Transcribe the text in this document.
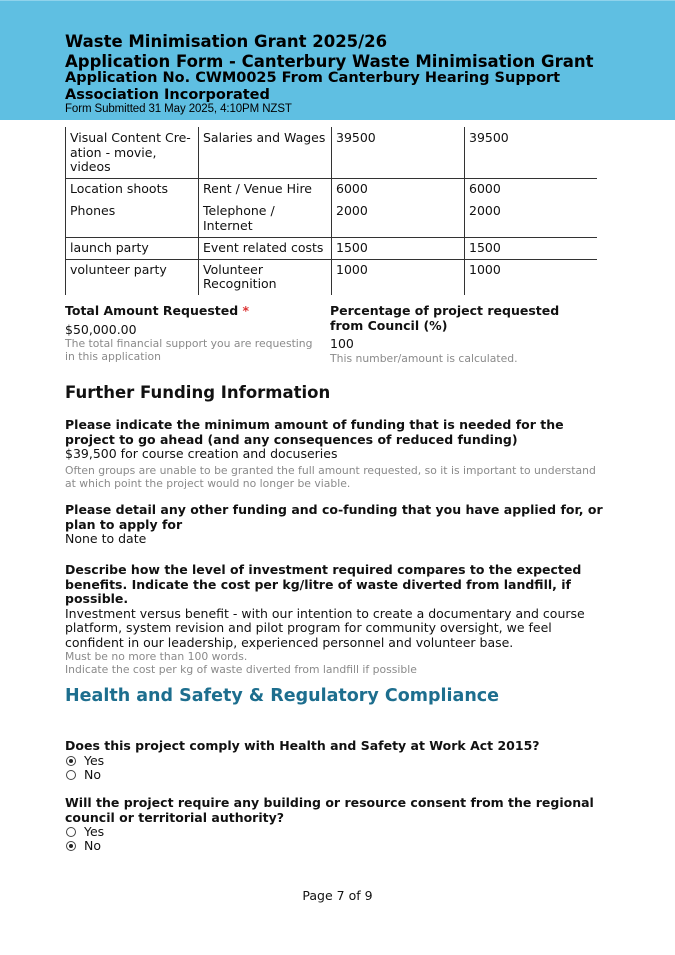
Waste Minimisation Grant 2025/26
Application Form - Canterbury Waste Minimisation Grant
Application No. CWM0025 From Canterbury Hearing Support Association Incorporated
Form Submitted 31 May 2025, 4:10PM NZST
Visual Content Cre-ation - movie, videos	Salaries and Wages	39500	39500
Location shoots	Rent / Venue Hire	6000	6000
Phones	Telephone / Internet	2000	2000
launch party	Event related costs	1500	1500
volunteer party	Volunteer Recognition	1000	1000
Total Amount Requested *
$50,000.00
The total financial support you are requesting in this application
Percentage of project requested from Council (%)
100
This number/amount is calculated.
Further Funding Information
Please indicate the minimum amount of funding that is needed for the project to go ahead (and any consequences of reduced funding)
$39,500 for course creation and docuseries
Often groups are unable to be granted the full amount requested, so it is important to understand at which point the project would no longer be viable.
Please detail any other funding and co-funding that you have applied for, or plan to apply for
None to date
Describe how the level of investment required compares to the expected benefits. Indicate the cost per kg/litre of waste diverted from landfill, if possible.
Investment versus benefit - with our intention to create a documentary and course platform, system revision and pilot program for community oversight, we feel confident in our leadership, experienced personnel and volunteer base.
Must be no more than 100 words.
Indicate the cost per kg of waste diverted from landfill if possible
Health and Safety & Regulatory Compliance
Does this project comply with Health and Safety at Work Act 2015?
Yes
No
Will the project require any building or resource consent from the regional council or territorial authority?
Yes
No
Page 7 of 9
